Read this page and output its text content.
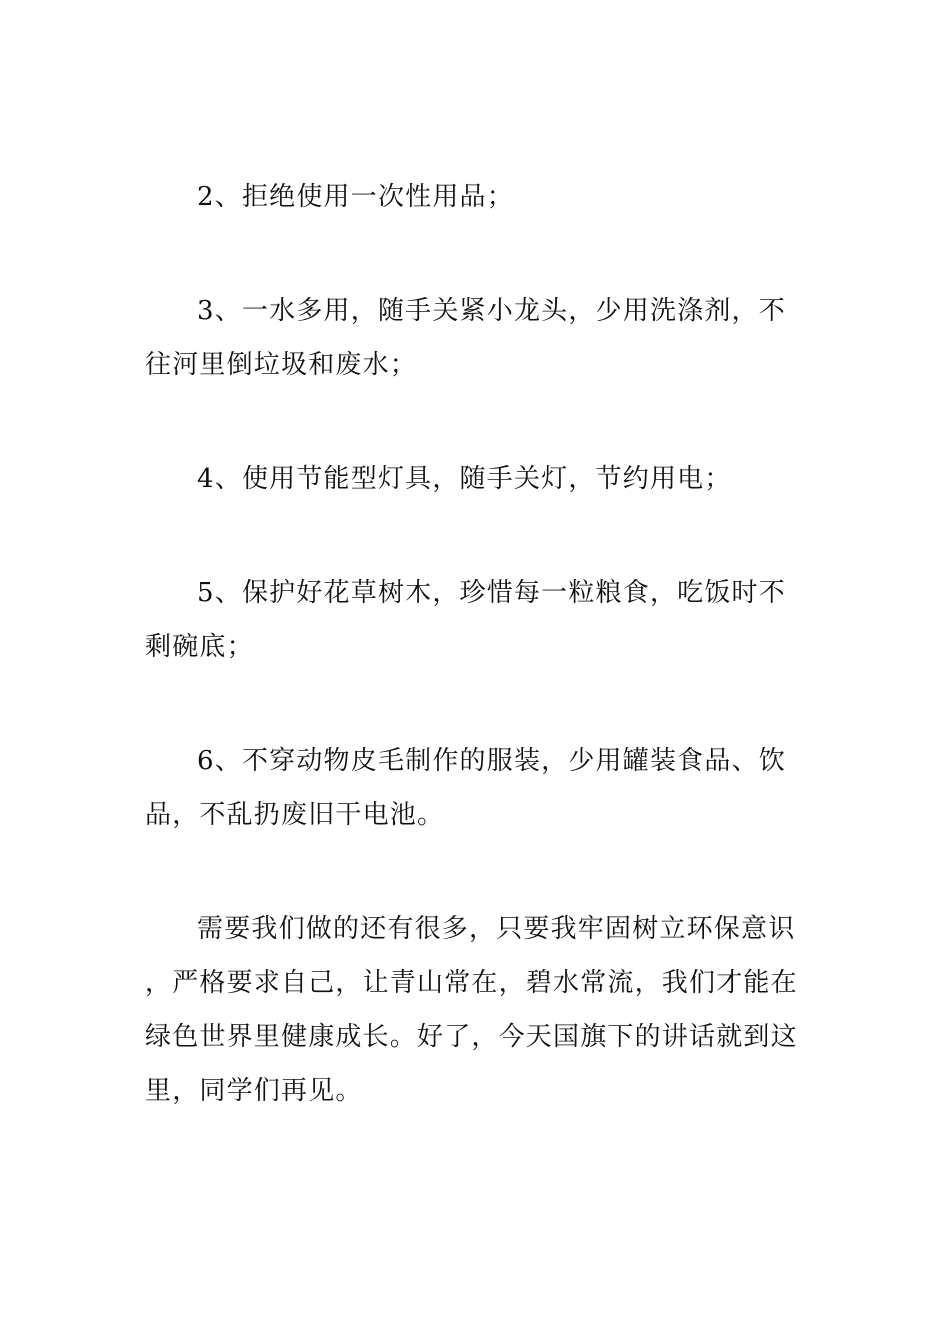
2、拒绝使用一次性用品；

3、一水多用，随手关紧小龙头，少用洗涤剂，不往河里倒垃圾和废水；

4、使用节能型灯具，随手关灯，节约用电；

5、保护好花草树木，珍惜每一粒粮食，吃饭时不剩碗底；

6、不穿动物皮毛制作的服装，少用罐装食品、饮品，不乱扔废旧干电池。

需要我们做的还有很多，只要我牢固树立环保意识，严格要求自己，让青山常在，碧水常流，我们才能在绿色世界里健康成长。好了，今天国旗下的讲话就到这里，同学们再见。
